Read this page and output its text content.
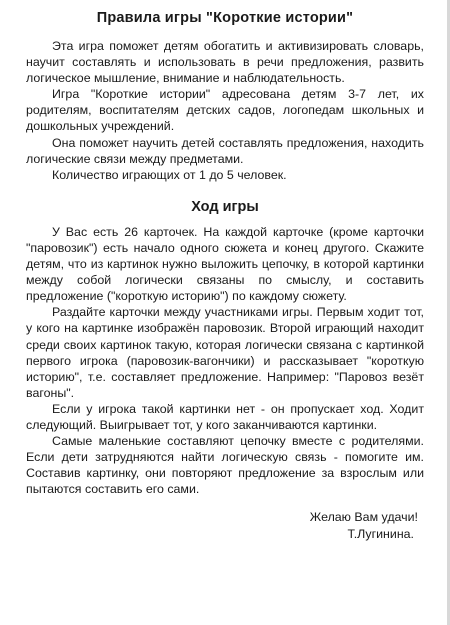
Правила игры "Короткие истории"

Эта игра поможет детям обогатить и активизировать словарь, научит составлять и использовать в речи предложения, развить логическое мышление, внимание и наблюдательность.

Игра "Короткие истории" адресована детям 3-7 лет, их родителям, воспитателям детских садов, логопедам школьных и дошкольных учреждений.

Она поможет научить детей составлять предложения, находить логические связи между предметами.

Количество играющих от 1 до 5 человек.

Ход игры

У Вас есть 26 карточек. На каждой карточке (кроме карточки "паровозик") есть начало одного сюжета и конец другого. Скажите детям, что из картинок нужно выложить цепочку, в которой картинки между собой логически связаны по смыслу, и составить предложение ("короткую историю") по каждому сюжету.

Раздайте карточки между участниками игры. Первым ходит тот, у кого на картинке изображён паровозик. Второй играющий находит среди своих картинок такую, которая логически связана с картинкой первого игрока (паровозик-вагончики) и рассказывает "короткую историю", т.е. составляет предложение. Например: "Паровоз везёт вагоны".

Если у игрока такой картинки нет - он пропускает ход. Ходит следующий. Выигрывает тот, у кого заканчиваются картинки.

Самые маленькие составляют цепочку вместе с родителями. Если дети затрудняются найти логическую связь - помогите им. Составив картинку, они повторяют предложение за взрослым или пытаются составить его сами.

Желаю Вам удачи!
Т.Лугинина.
